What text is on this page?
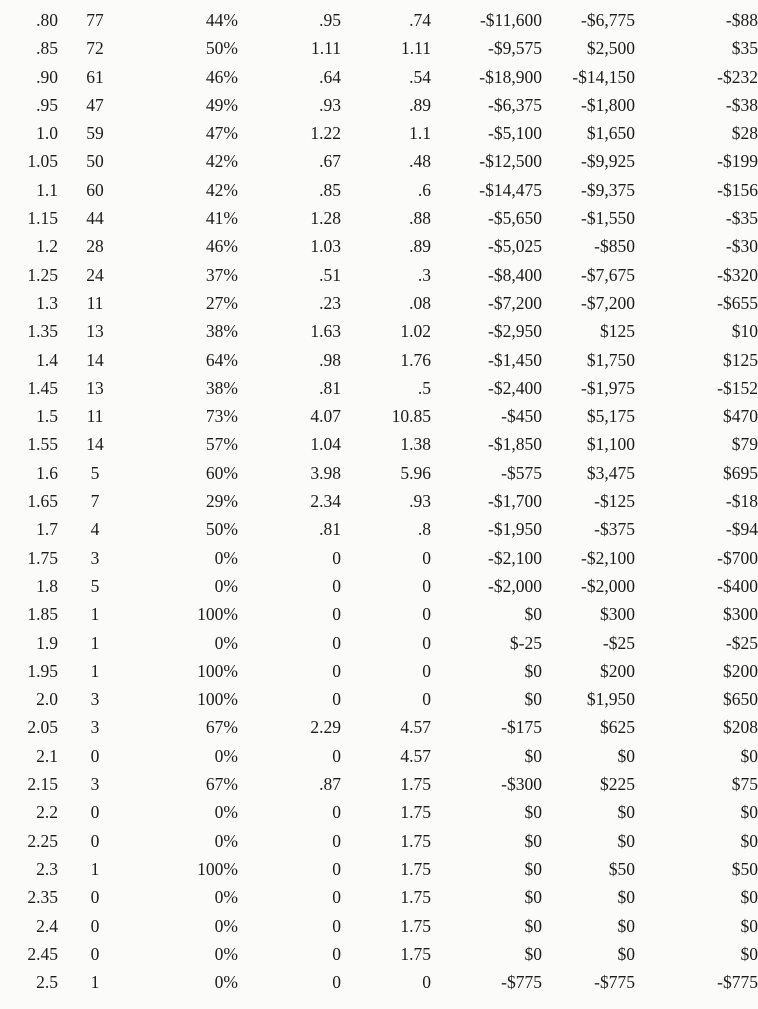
.80	77	44%	.95	.74	-$11,600	-$6,775	-$88
.85	72	50%	1.11	1.11	-$9,575	$2,500	$35
.90	61	46%	.64	.54	-$18,900	-$14,150	-$232
.95	47	49%	.93	.89	-$6,375	-$1,800	-$38
1.0	59	47%	1.22	1.1	-$5,100	$1,650	$28
1.05	50	42%	.67	.48	-$12,500	-$9,925	-$199
1.1	60	42%	.85	.6	-$14,475	-$9,375	-$156
1.15	44	41%	1.28	.88	-$5,650	-$1,550	-$35
1.2	28	46%	1.03	.89	-$5,025	-$850	-$30
1.25	24	37%	.51	.3	-$8,400	-$7,675	-$320
1.3	11	27%	.23	.08	-$7,200	-$7,200	-$655
1.35	13	38%	1.63	1.02	-$2,950	$125	$10
1.4	14	64%	.98	1.76	-$1,450	$1,750	$125
1.45	13	38%	.81	.5	-$2,400	-$1,975	-$152
1.5	11	73%	4.07	10.85	-$450	$5,175	$470
1.55	14	57%	1.04	1.38	-$1,850	$1,100	$79
1.6	5	60%	3.98	5.96	-$575	$3,475	$695
1.65	7	29%	2.34	.93	-$1,700	-$125	-$18
1.7	4	50%	.81	.8	-$1,950	-$375	-$94
1.75	3	0%	0	0	-$2,100	-$2,100	-$700
1.8	5	0%	0	0	-$2,000	-$2,000	-$400
1.85	1	100%	0	0	$0	$300	$300
1.9	1	0%	0	0	$-25	-$25	-$25
1.95	1	100%	0	0	$0	$200	$200
2.0	3	100%	0	0	$0	$1,950	$650
2.05	3	67%	2.29	4.57	-$175	$625	$208
2.1	0	0%	0	4.57	$0	$0	$0
2.15	3	67%	.87	1.75	-$300	$225	$75
2.2	0	0%	0	1.75	$0	$0	$0
2.25	0	0%	0	1.75	$0	$0	$0
2.3	1	100%	0	1.75	$0	$50	$50
2.35	0	0%	0	1.75	$0	$0	$0
2.4	0	0%	0	1.75	$0	$0	$0
2.45	0	0%	0	1.75	$0	$0	$0
2.5	1	0%	0	0	-$775	-$775	-$775
